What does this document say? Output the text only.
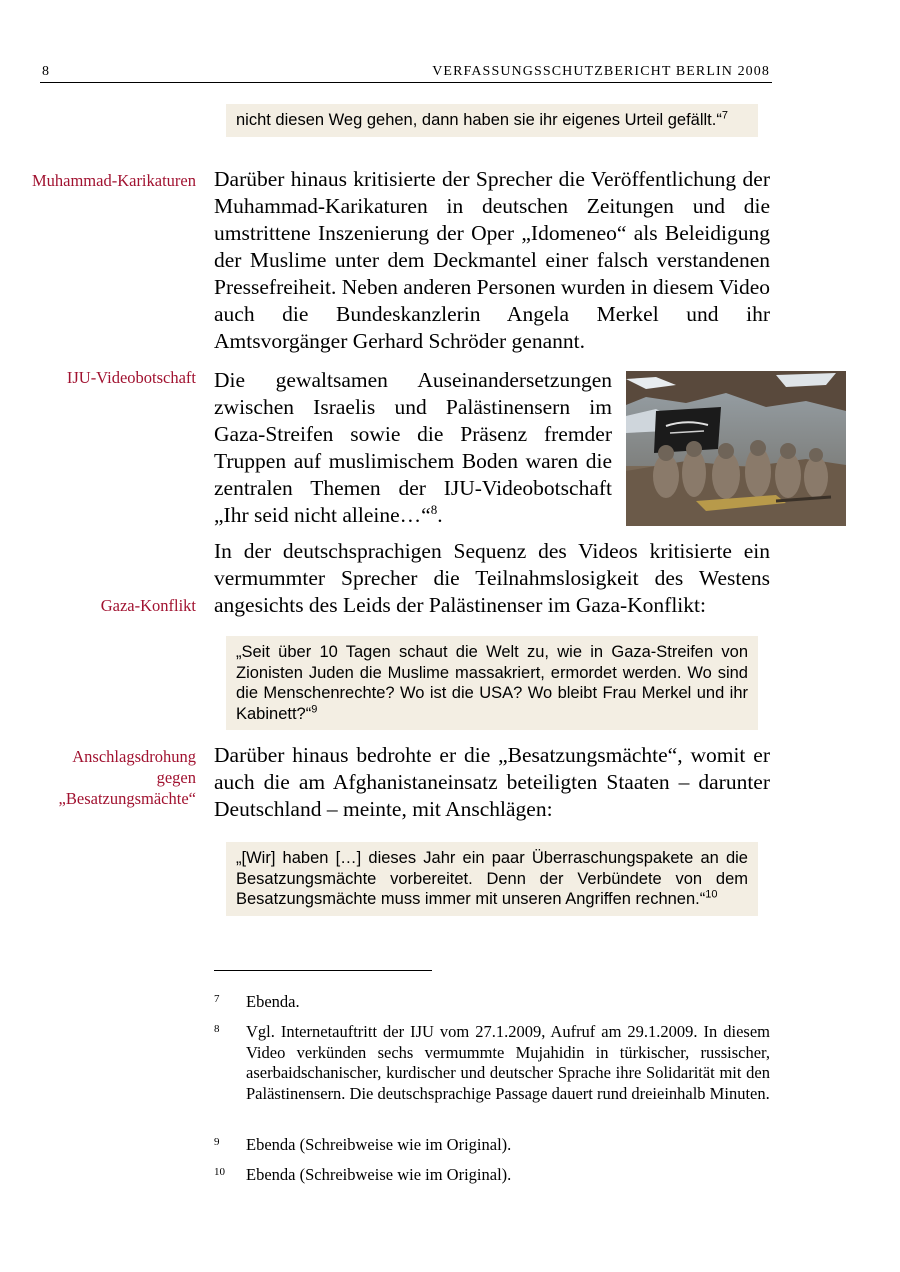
8	VERFASSUNGSSCHUTZBERICHT BERLIN 2008
nicht diesen Weg gehen, dann haben sie ihr eigenes Urteil gefällt.“$^7$
Muhammad-Karikaturen Darüber hinaus kritisierte der Sprecher die Veröffentlichung der Muhammad-Karikaturen in deutschen Zeitungen und die umstrittene Inszenierung der Oper „Idomeneo“ als Beleidigung der Muslime unter dem Deckmantel einer falsch verstandenen Pressefreiheit. Neben anderen Personen wurden in diesem Video auch die Bundeskanzlerin Angela Merkel und ihr Amtsvorgänger Gerhard Schröder genannt.
IJU-Videobotschaft Die gewaltsamen Auseinandersetzungen zwischen Israelis und Palästinensern im Gaza-Streifen sowie die Präsenz fremder Truppen auf muslimischem Boden waren die zentralen Themen der IJU-Videobotschaft „Ihr seid nicht alleine…“$^8$.
In der deutschsprachigen Sequenz des Videos kritisierte ein vermummter Sprecher die Teilnahmslosigkeit des Westens angesichts des Leids der Palästinenser im Gaza-Konflikt:
Gaza-Konflikt
„Seit über 10 Tagen schaut die Welt zu, wie in Gaza-Streifen von Zionisten Juden die Muslime massakriert, ermordet werden. Wo sind die Menschenrechte? Wo ist die USA? Wo bleibt Frau Merkel und ihr Kabinett?“$^9$
Anschlagsdrohung
gegen
„Besatzungsmächte“
Darüber hinaus bedrohte er die „Besatzungsmächte“, womit er auch die am Afghanistaneinsatz beteiligten Staaten – darunter Deutschland – meinte, mit Anschlägen:
„[Wir] haben […] dieses Jahr ein paar Überraschungspakete an die Besatzungsmächte vorbereitet. Denn der Verbündete von dem Besatzungsmächte muss immer mit unseren Angriffen rechnen.“$^{10}$
7 Ebenda.
8 Vgl. Internetauftritt der IJU vom 27.1.2009, Aufruf am 29.1.2009. In diesem Video verkünden sechs vermummte Mujahidin in türkischer, russischer, aserbaidschanischer, kurdischer und deutscher Sprache ihre Solidarität mit den Palästinensern. Die deutschsprachige Passage dauert rund dreieinhalb Minuten.
9 Ebenda (Schreibweise wie im Original).
10 Ebenda (Schreibweise wie im Original).
